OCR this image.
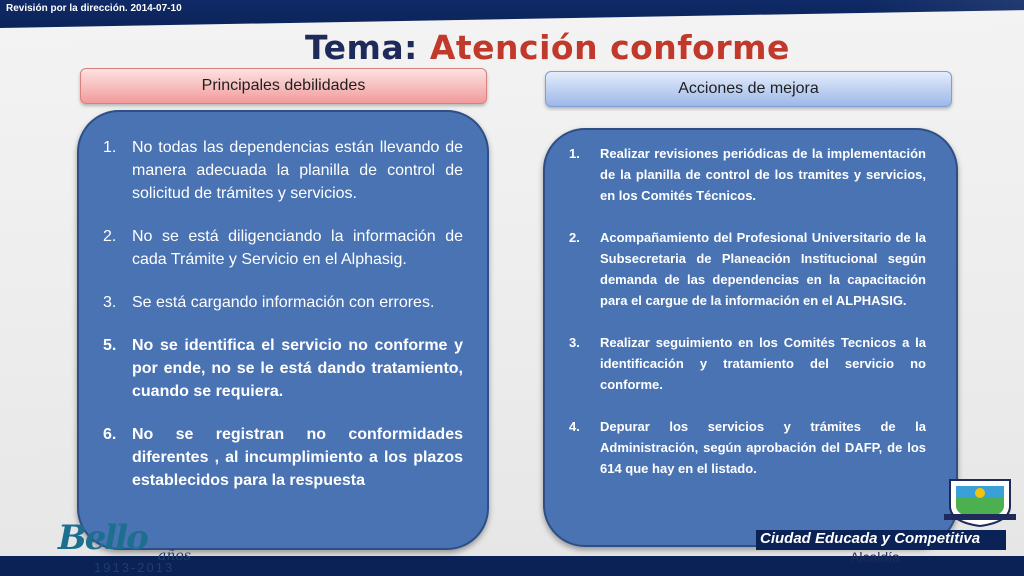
Revisión por la dirección. 2014-07-10
Tema: Atención conforme
Principales debilidades	Acciones de mejora
1. No todas las dependencias están llevando de manera adecuada la planilla de control de solicitud de trámites y servicios.
2. No se está diligenciando la información de cada Trámite y Servicio en el Alphasig.
3. Se está cargando información con errores.
5. No se identifica el servicio no conforme y por ende, no se le está dando tratamiento, cuando se requiera.
6. No se registran no conformidades diferentes , al incumplimiento a los plazos establecidos para la respuesta
1.	Realizar revisiones periódicas de la implementación de la planilla de control de los tramites y servicios, en los Comités Técnicos.
2.	Acompañamiento del Profesional Universitario de la Subsecretaria de Planeación Institucional según demanda de las dependencias en la capacitación para el cargue de la información en el ALPHASIG.
3.	Realizar seguimiento en los Comités Tecnicos a la identificación y tratamiento del servicio no conforme.
4.	Depurar los servicios y trámites de la Administración, según aprobación del DAFP, de los 614 que hay en el listado.
Bello años
1913-2013
Ciudad Educada y Competitiva
Alcaldía
